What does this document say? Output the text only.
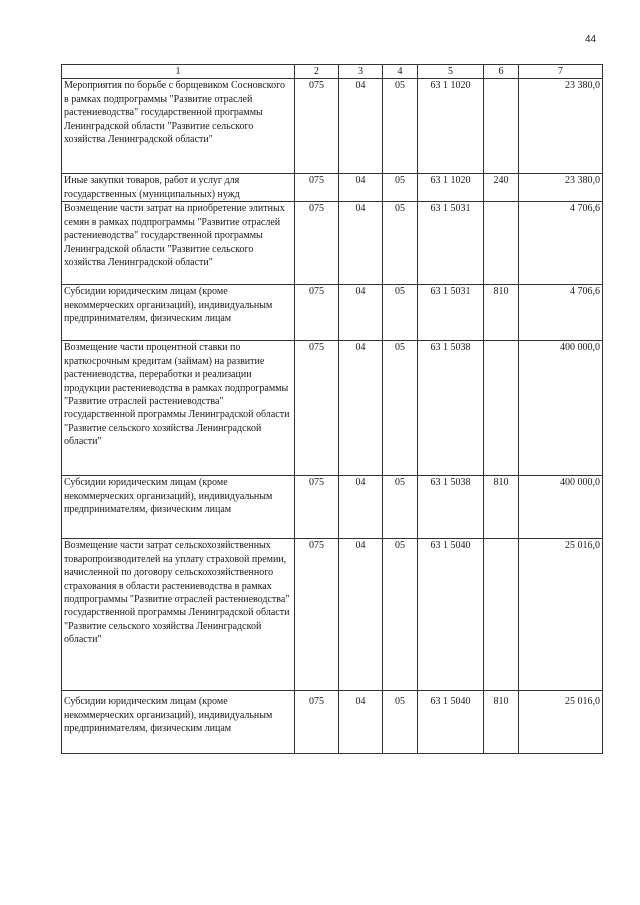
44
1	2	3	4	5	6	7
Мероприятия по борьбе с борщевиком Сосновского в рамках подпрограммы "Развитие отраслей растениеводства" государственной программы Ленинградской области "Развитие сельского хозяйства Ленинградской области"	075	04	05	63 1 1020		23 380,0
Иные закупки товаров, работ и услуг для государственных (муниципальных) нужд	075	04	05	63 1 1020	240	23 380,0
Возмещение части затрат на приобретение элитных семян в рамках подпрограммы "Развитие отраслей растениеводства" государственной программы Ленинградской области "Развитие сельского хозяйства Ленинградской области"	075	04	05	63 1 5031		4 706,6
Субсидии юридическим лицам (кроме некоммерческих организаций), индивидуальным предпринимателям, физическим лицам	075	04	05	63 1 5031	810	4 706,6
Возмещение части процентной ставки по краткосрочным кредитам (займам) на развитие растениеводства, переработки и реализации продукции растениеводства в рамках подпрограммы "Развитие отраслей растениеводства" государственной программы Ленинградской области "Развитие сельского хозяйства Ленинградской области"	075	04	05	63 1 5038		400 000,0
Субсидии юридическим лицам (кроме некоммерческих организаций), индивидуальным предпринимателям, физическим лицам	075	04	05	63 1 5038	810	400 000,0
Возмещение части затрат сельскохозяйственных товаропроизводителей на уплату страховой премии, начисленной по договору сельскохозяйственного страхования в области растениеводства в рамках подпрограммы "Развитие отраслей растениеводства" государственной программы Ленинградской области "Развитие сельского хозяйства Ленинградской области"	075	04	05	63 1 5040		25 016,0
Субсидии юридическим лицам (кроме некоммерческих организаций), индивидуальным предпринимателям, физическим лицам	075	04	05	63 1 5040	810	25 016,0
